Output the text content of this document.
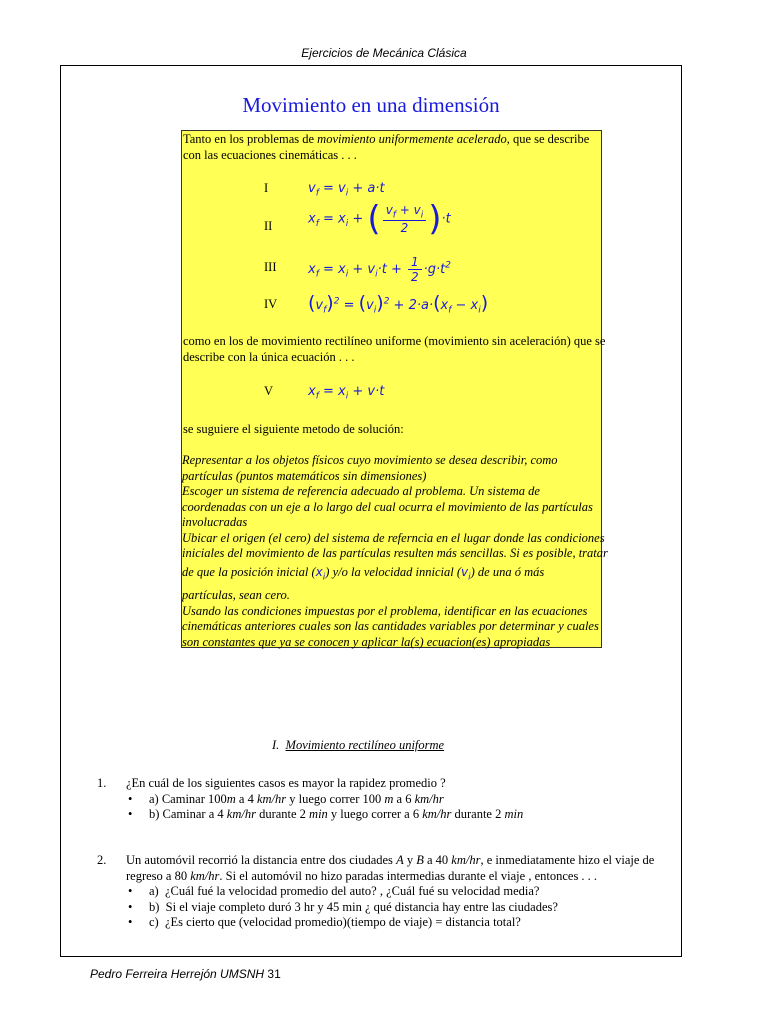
Ejercicios de Mecánica Clásica
Movimiento en una dimensión
Tanto en los problemas de movimiento uniformemente acelerado, que se describe
con las ecuaciones cinemáticas . . .
I	$v_f = v_i + a\cdot t$
II	$x_f = x_i$ + ( $\frac{v_f + v_i}{2} )\cdot t$
III $x_f = x_i + v_i\cdot t + \frac{1}{2} \cdot g\cdot t^2$
IV $(v_f)^2 = (v_i)^2 + 2\cdot a\cdot(x_f - x_i)$
como en los de movimiento rectilíneo uniforme (movimiento sin aceleración) que se
describe con la única ecuación . . .
V	$x_f = x_i + v\cdot t$
se suguiere el siguiente metodo de solución:
Representar a los objetos físicos cuyo movimiento se desea describir, como
partículas (puntos matemáticos sin dimensiones)
Escoger un sistema de referencia adecuado al problema. Un sistema de
coordenadas con un eje a lo largo del cual ocurra el movimiento de las partículas
involucradas
Ubicar el origen (el cero) del sistema de referncia en el lugar donde las condiciones
iniciales del movimiento de las partículas resulten más sencillas. Si es posible, tratar
de que la posición inicial $(x_i)$ y/o la velocidad innicial $(v_i)$ de una ó más
partículas, sean cero.
Usando las condiciones impuestas por el problema, identificar en las ecuaciones
cinemáticas anteriores cuales son las cantidades variables por determinar y cuales
son constantes que ya se conocen y aplicar la(s) ecuacion(es) apropiadas
I. Movimiento rectilíneo uniforme
1. ¿En cuál de los siguientes casos es mayor la rapidez promedio ?
• a) Caminar 100m a 4 km/hr y luego correr 100 m a 6 km/hr
• b) Caminar a 4 km/hr durante 2 min y luego correr a 6 km/hr durante 2 min
2. Un automóvil recorrió la distancia entre dos ciudades A y B a 40 km/hr, e inmediatamente hizo el viaje de
regreso a 80 km/hr. Si el automóvil no hizo paradas intermedias durante el viaje , entonces . . .
• a) ¿Cuál fué la velocidad promedio del auto? , ¿Cuál fué su velocidad media?
• b) Si el viaje completo duró 3 hr y 45 min ¿ qué distancia hay entre las ciudades?
• c) ¿Es cierto que (velocidad promedio)(tiempo de viaje) = distancia total?
Pedro Ferreira Herrejón UMSNH 31
